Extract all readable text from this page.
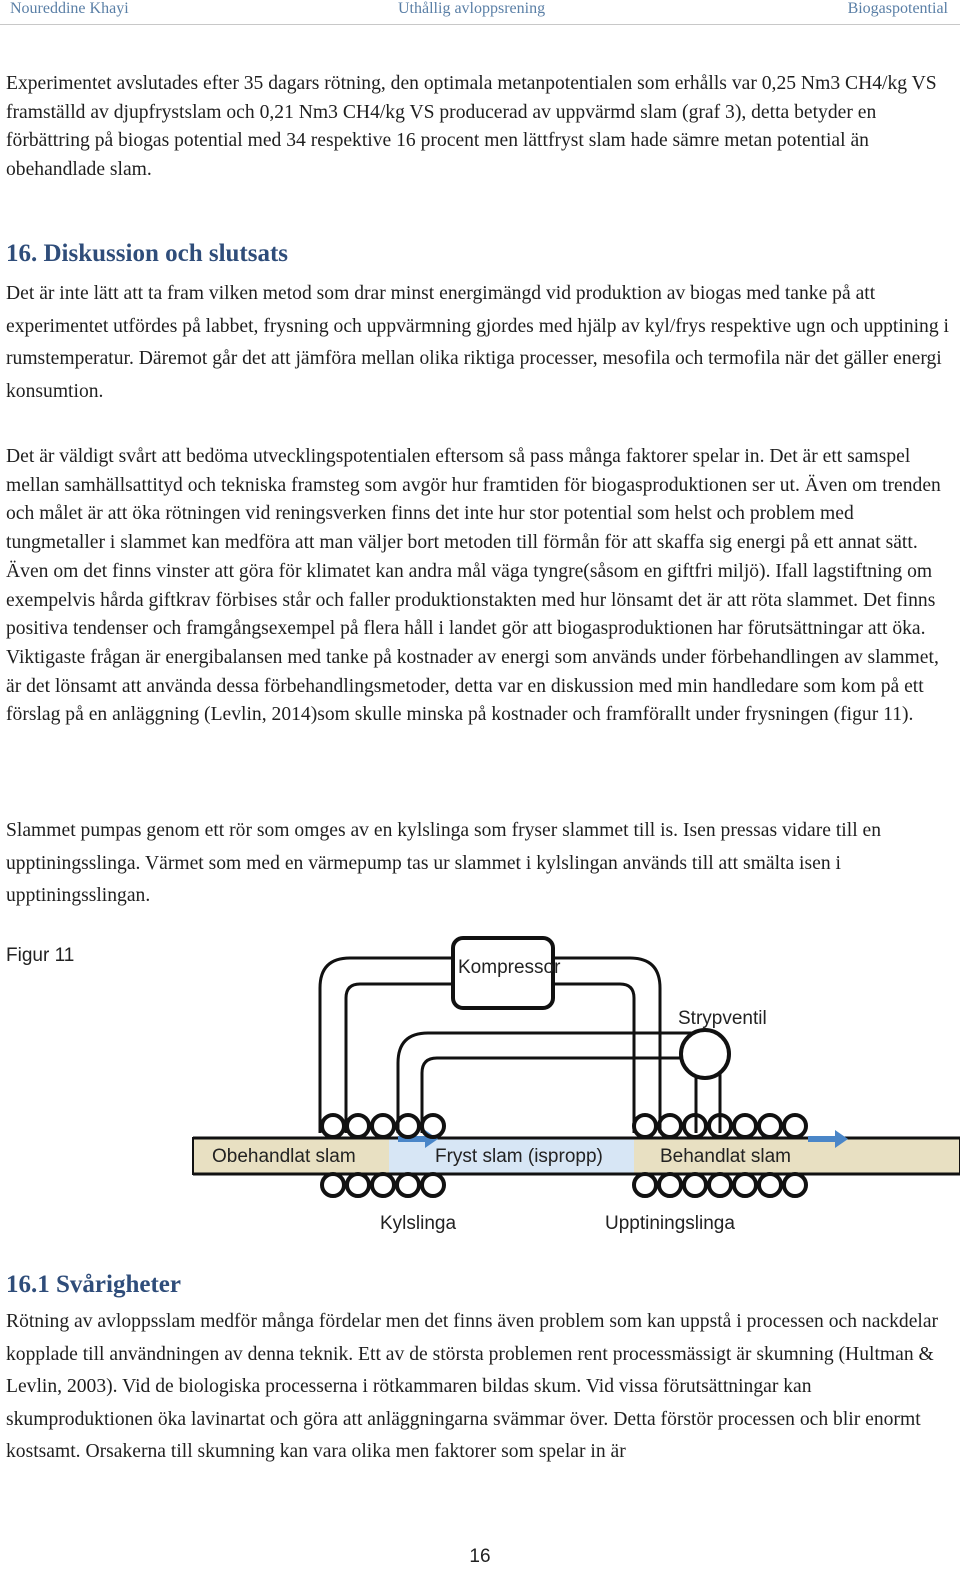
Noureddine Khayi	Uthållig avloppsrening	Biogaspotential

Experimentet avslutades efter 35 dagars rötning, den optimala metanpotentialen som erhålls var 0,25 Nm3 CH4/kg VS framställd av djupfrystslam och 0,21 Nm3 CH4/kg VS producerad av uppvärmd slam (graf 3), detta betyder en förbättring på biogas potential med 34 respektive 16 procent men lättfryst slam hade sämre metan potential än obehandlade slam.

16. Diskussion och slutsats

Det är inte lätt att ta fram vilken metod som drar minst energimängd vid produktion av biogas med tanke på att experimentet utfördes på labbet, frysning och uppvärmning gjordes med hjälp av kyl/frys respektive ugn och upptining i rumstemperatur. Däremot går det att jämföra mellan olika riktiga processer, mesofila och termofila när det gäller energi konsumtion.

Det är väldigt svårt att bedöma utvecklingspotentialen eftersom så pass många faktorer spelar in. Det är ett samspel mellan samhällsattityd och tekniska framsteg som avgör hur framtiden för biogasproduktionen ser ut. Även om trenden och målet är att öka rötningen vid reningsverken finns det inte hur stor potential som helst och problem med tungmetaller i slammet kan medföra att man väljer bort metoden till förmån för att skaffa sig energi på ett annat sätt. Även om det finns vinster att göra för klimatet kan andra mål väga tyngre(såsom en giftfri miljö). Ifall lagstiftning om exempelvis hårda giftkrav förbises står och faller produktionstakten med hur lönsamt det är att röta slammet. Det finns positiva tendenser och framgångsexempel på flera håll i landet gör att biogasproduktionen har förutsättningar att öka. Viktigaste frågan är energibalansen med tanke på kostnader av energi som används under förbehandlingen av slammet, är det lönsamt att använda dessa förbehandlingsmetoder, detta var en diskussion med min handledare som kom på ett förslag på en anläggning (Levlin, 2014)som skulle minska på kostnader och framförallt under frysningen (figur 11).

Slammet pumpas genom ett rör som omges av en kylslinga som fryser slammet till is. Isen pressas vidare till en upptiningsslinga. Värmet som med en värmepump tas ur slammet i kylslingan används till att smälta isen i upptiningsslingan.

Figur 11
Kompressor
Strypventil
Obehandlat slam	Fryst slam (ispropp)	Behandlat slam
Kylslinga	Upptiningslinga
16.1 Svårigheter

Rötning av avloppsslam medför många fördelar men det finns även problem som kan uppstå i processen och nackdelar kopplade till användningen av denna teknik. Ett av de största problemen rent processmässigt är skumning (Hultman & Levlin, 2003). Vid de biologiska processerna i rötkammaren bildas skum. Vid vissa förutsättningar kan skumproduktionen öka lavinartat och göra att anläggningarna svämmar över. Detta förstör processen och blir enormt kostsamt. Orsakerna till skumning kan vara olika men faktorer som spelar in är

16
